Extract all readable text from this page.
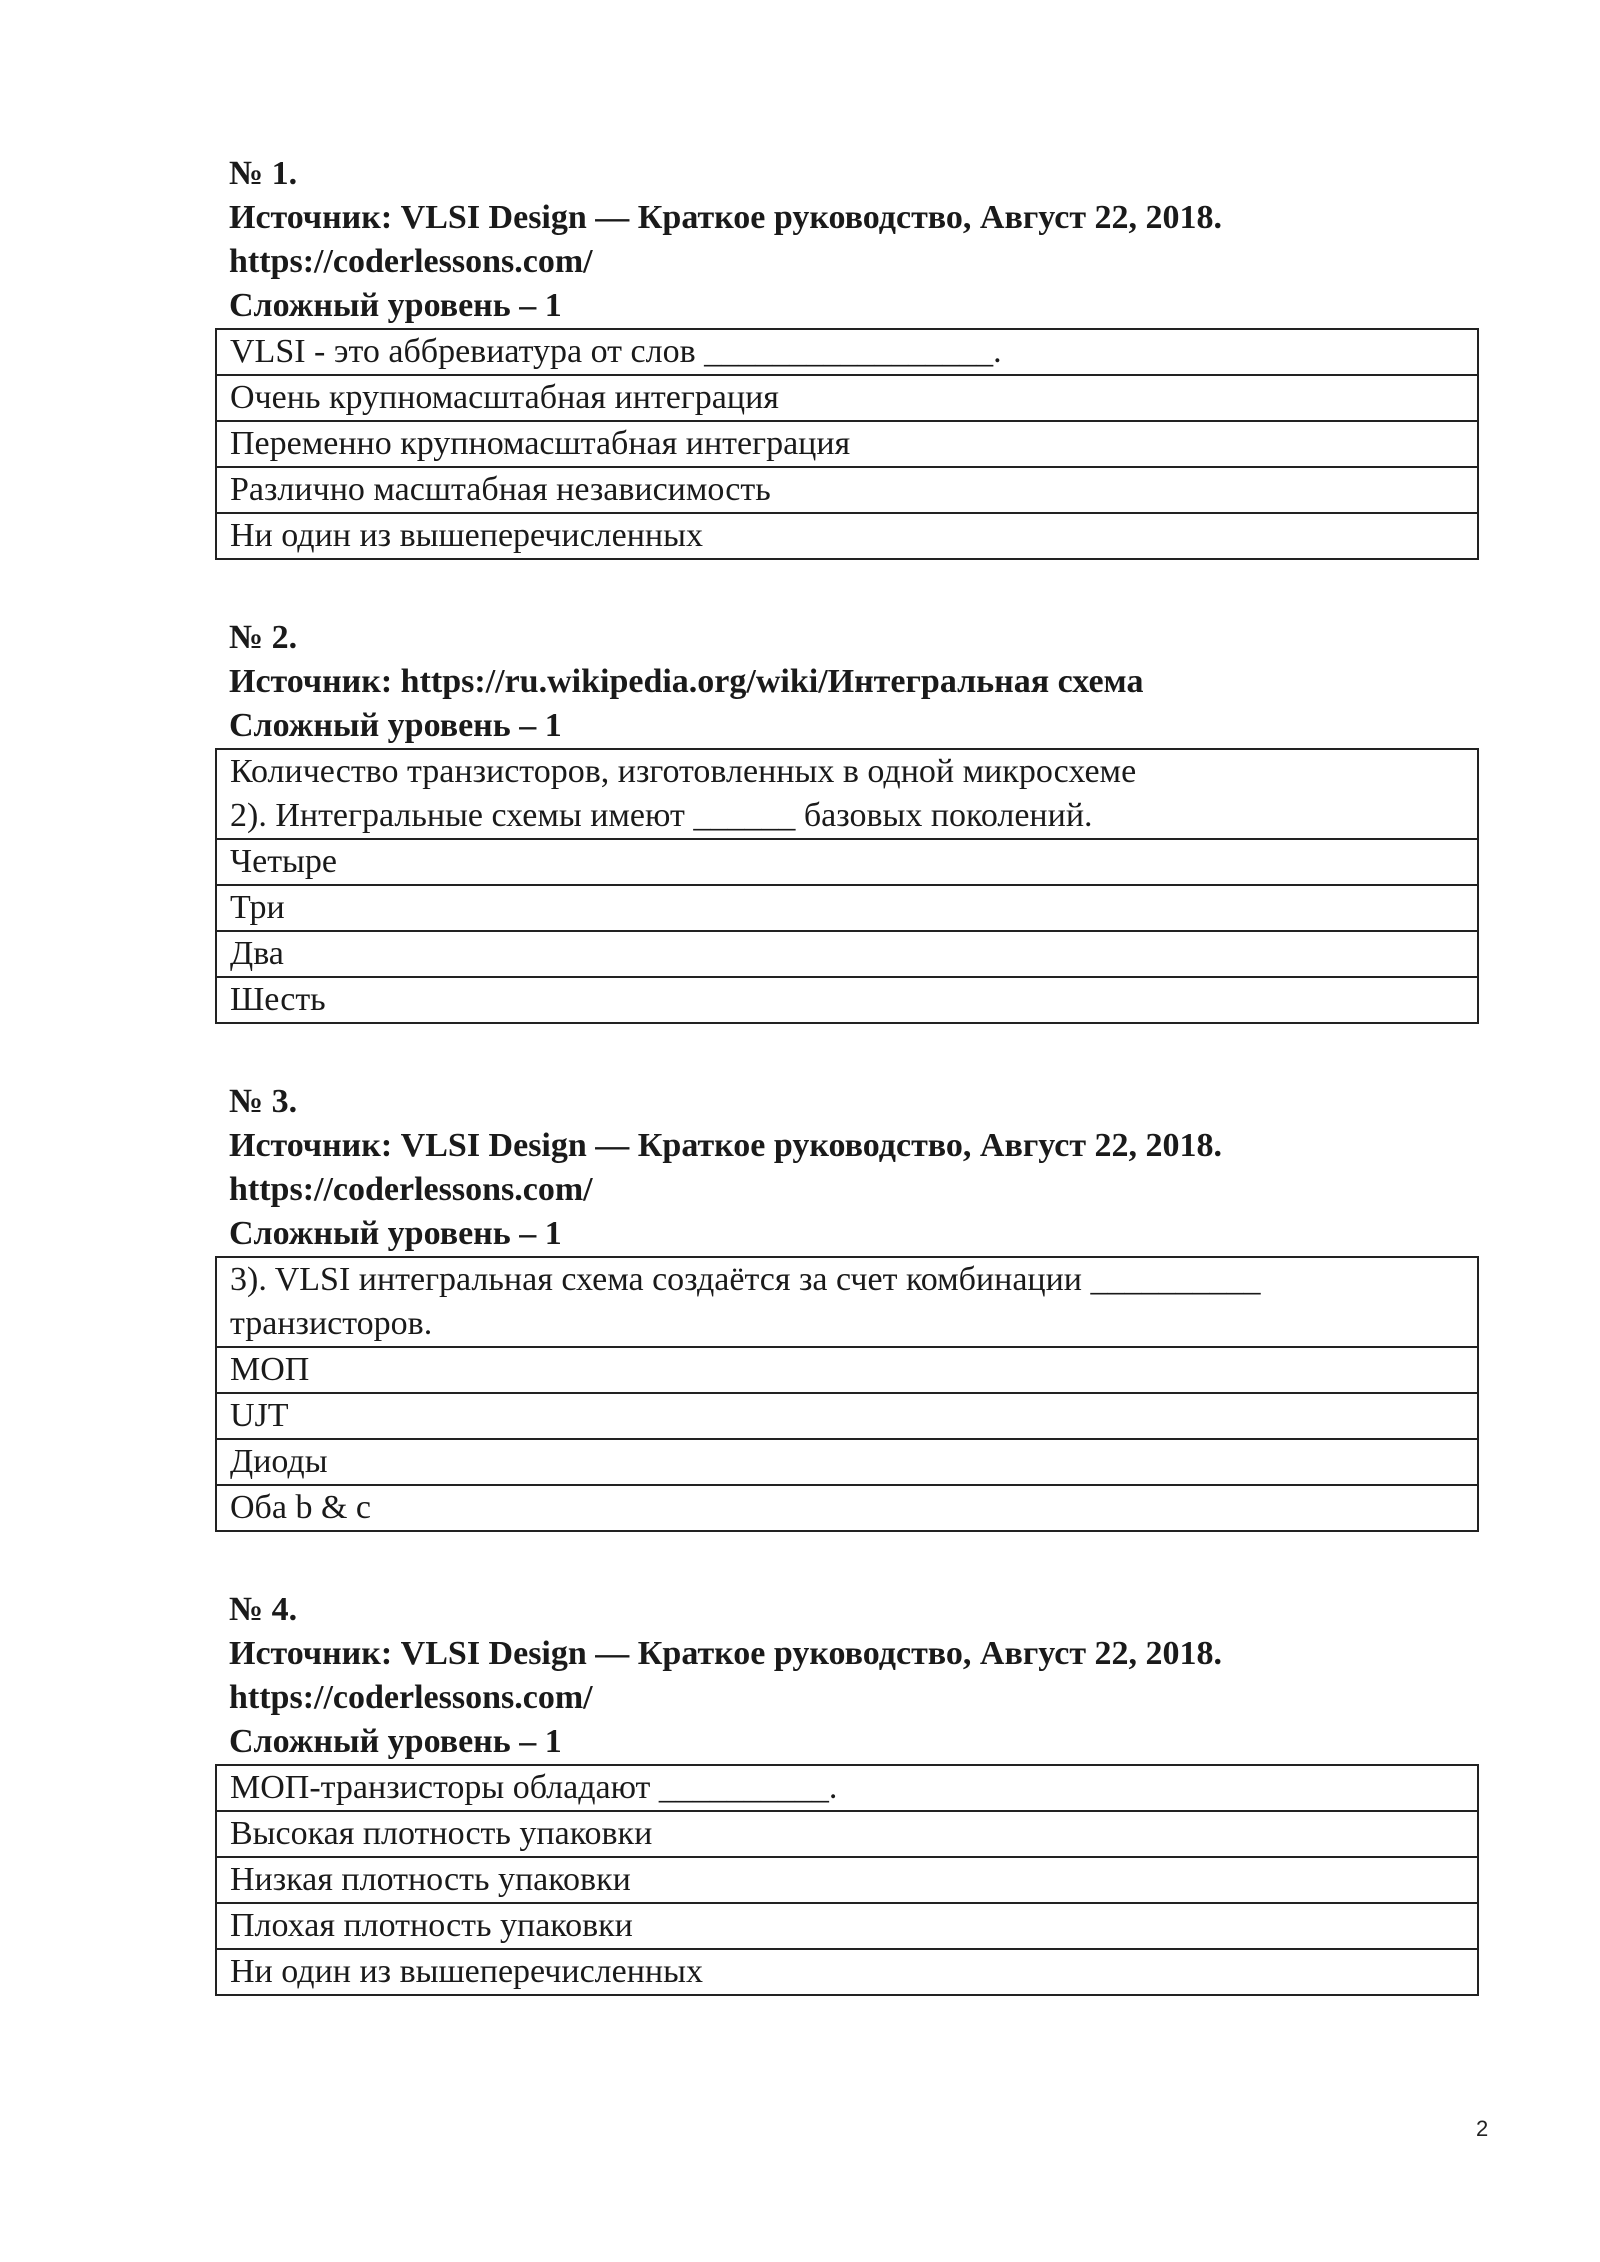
№ 1.
Источник: VLSI Design — Краткое руководство, Август 22, 2018.
https://coderlessons.com/
Сложный уровень – 1
VLSI - это аббревиатура от слов _________________.
Очень крупномасштабная интеграция
Переменно крупномасштабная интеграция
Различно масштабная независимость
Ни один из вышеперечисленных
№ 2.
Источник: https://ru.wikipedia.org/wiki/Интегральная схема
Сложный уровень – 1
Количество транзисторов, изготовленных в одной микросхеме
2). Интегральные схемы имеют ______ базовых поколений.
Четыре
Три
Два
Шесть
№ 3.
Источник: VLSI Design — Краткое руководство, Август 22, 2018.
https://coderlessons.com/
Сложный уровень – 1
3). VLSI интегральная схема создаётся за счет комбинации __________
транзисторов.
МОП
UJT
Диоды
Оба b & c
№ 4.
Источник: VLSI Design — Краткое руководство, Август 22, 2018.
https://coderlessons.com/
Сложный уровень – 1
МОП-транзисторы обладают __________.
Высокая плотность упаковки
Низкая плотность упаковки
Плохая плотность упаковки
Ни один из вышеперечисленных
2
